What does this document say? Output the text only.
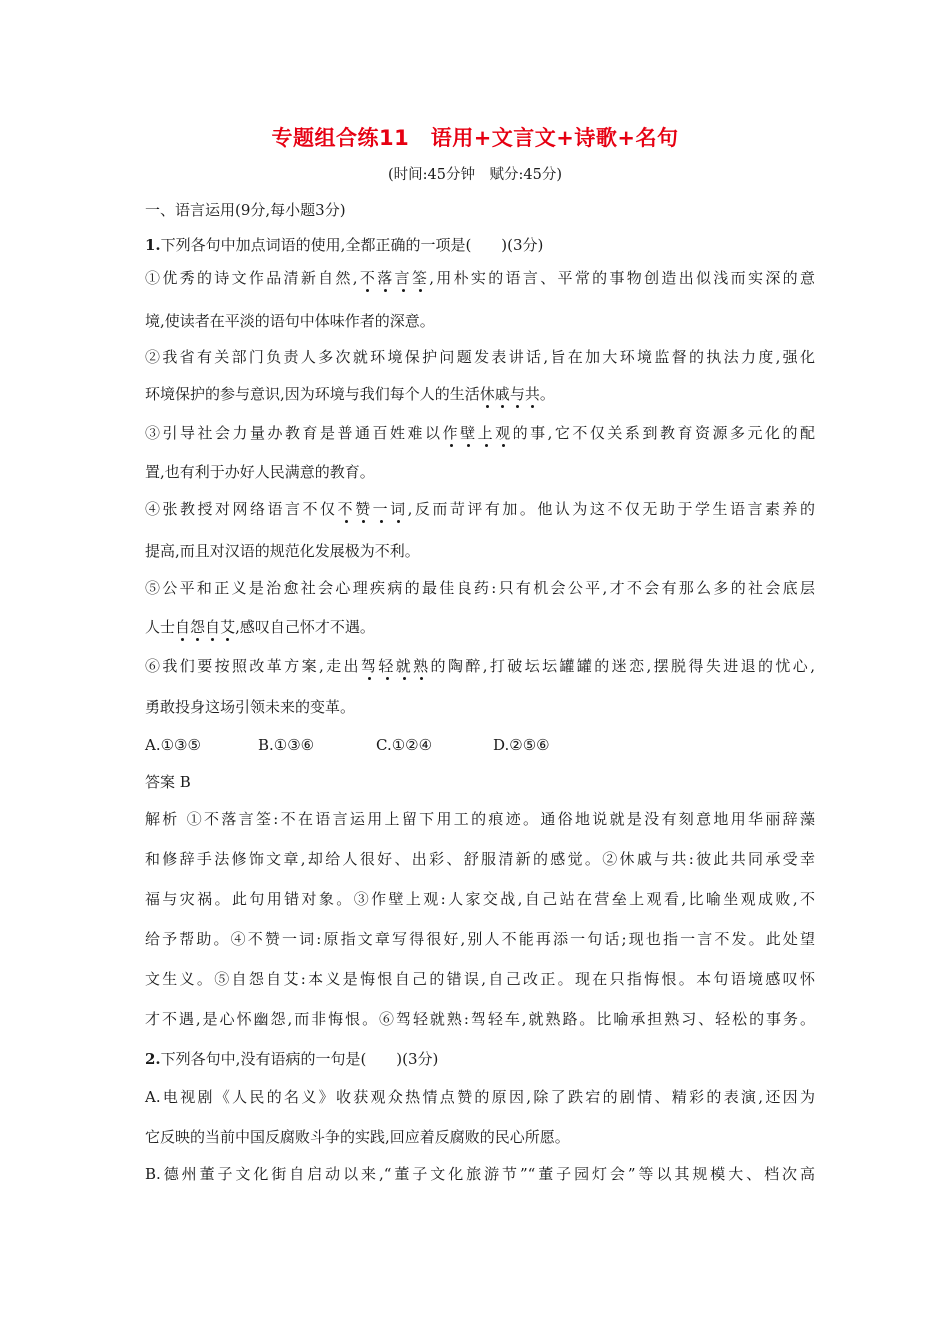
专题组合练11　语用+文言文+诗歌+名句
(时间:45分钟　赋分:45分)
一、语言运用(9分,每小题3分)
1.下列各句中加点词语的使用,全都正确的一项是(　　)(3分)
①优秀的诗文作品清新自然,不落言筌,用朴实的语言、平常的事物创造出似浅而实深的意
境,使读者在平淡的语句中体味作者的深意。
②我省有关部门负责人多次就环境保护问题发表讲话,旨在加大环境监督的执法力度,强化
环境保护的参与意识,因为环境与我们每个人的生活休戚与共。
③引导社会力量办教育是普通百姓难以作壁上观的事,它不仅关系到教育资源多元化的配
置,也有利于办好人民满意的教育。
④张教授对网络语言不仅不赞一词,反而苛评有加。他认为这不仅无助于学生语言素养的
提高,而且对汉语的规范化发展极为不利。
⑤公平和正义是治愈社会心理疾病的最佳良药:只有机会公平,才不会有那么多的社会底层
人士自怨自艾,感叹自己怀才不遇。
⑥我们要按照改革方案,走出驾轻就熟的陶醉,打破坛坛罐罐的迷恋,摆脱得失进退的忧心,
勇敢投身这场引领未来的变革。
A.①③⑤	B.①③⑥	C.①②④	D.②⑤⑥
答案 B
解析 ①不落言筌:不在语言运用上留下用工的痕迹。通俗地说就是没有刻意地用华丽辞藻
和修辞手法修饰文章,却给人很好、出彩、舒服清新的感觉。②休戚与共:彼此共同承受幸
福与灾祸。此句用错对象。③作壁上观:人家交战,自己站在营垒上观看,比喻坐观成败,不
给予帮助。④不赞一词:原指文章写得很好,别人不能再添一句话;现也指一言不发。此处望
文生义。⑤自怨自艾:本义是悔恨自己的错误,自己改正。现在只指悔恨。本句语境感叹怀
才不遇,是心怀幽怨,而非悔恨。⑥驾轻就熟:驾轻车,就熟路。比喻承担熟习、轻松的事务。
2.下列各句中,没有语病的一句是(　　)(3分)
A.电视剧《人民的名义》收获观众热情点赞的原因,除了跌宕的剧情、精彩的表演,还因为
它反映的当前中国反腐败斗争的实践,回应着反腐败的民心所愿。
B.德州董子文化街自启动以来,“董子文化旅游节”“董子园灯会”等以其规模大、档次高
